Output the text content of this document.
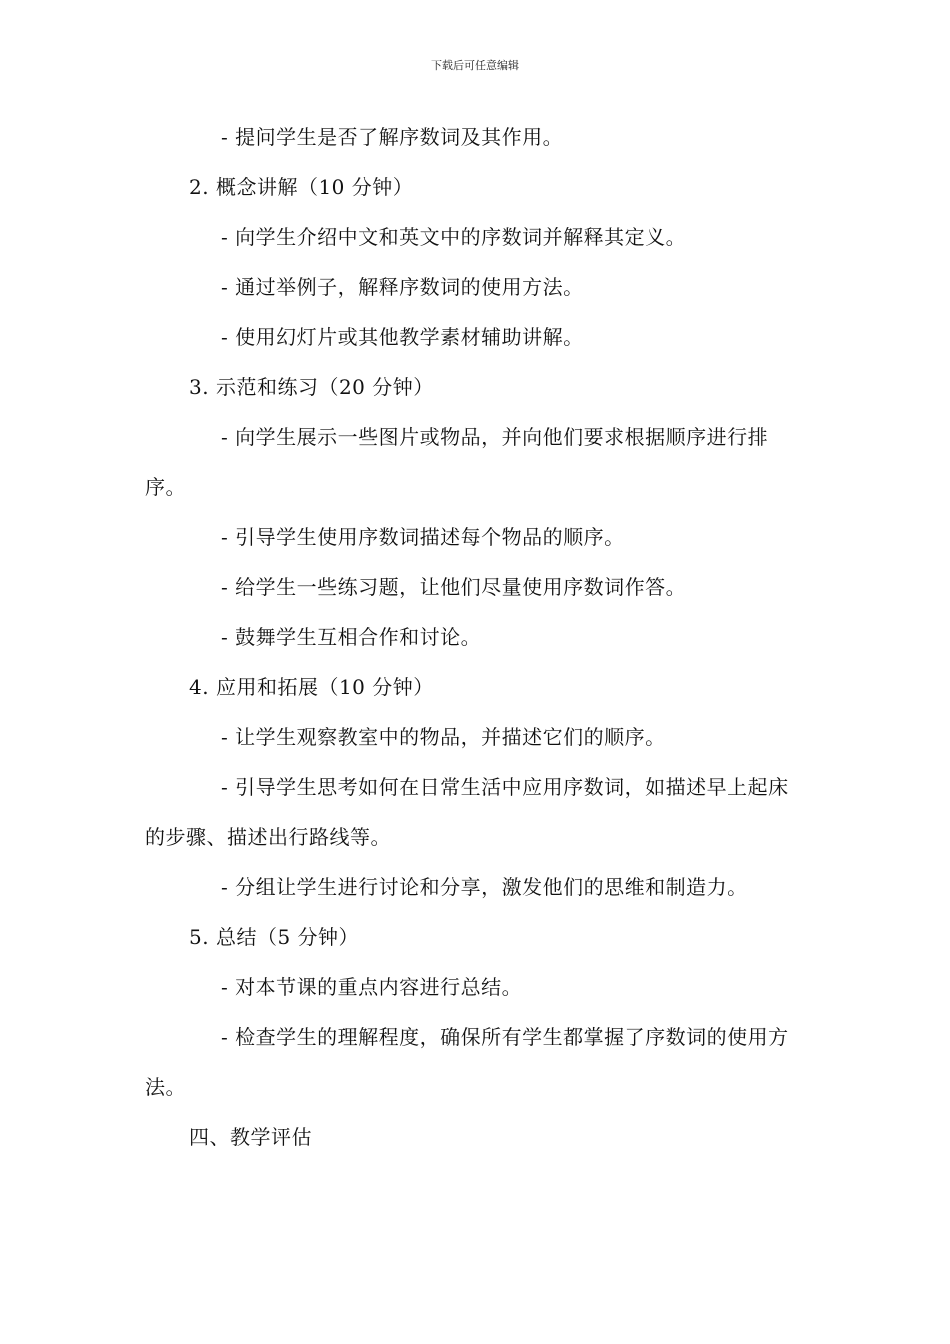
下载后可任意编辑

- 提问学生是否了解序数词及其作用。

2. 概念讲解（10 分钟）

- 向学生介绍中文和英文中的序数词并解释其定义。

- 通过举例子，解释序数词的使用方法。

- 使用幻灯片或其他教学素材辅助讲解。

3. 示范和练习（20 分钟）

- 向学生展示一些图片或物品，并向他们要求根据顺序进行排序。

- 引导学生使用序数词描述每个物品的顺序。

- 给学生一些练习题，让他们尽量使用序数词作答。

- 鼓舞学生互相合作和讨论。

4. 应用和拓展（10 分钟）

- 让学生观察教室中的物品，并描述它们的顺序。

- 引导学生思考如何在日常生活中应用序数词，如描述早上起床的步骤、描述出行路线等。

- 分组让学生进行讨论和分享，激发他们的思维和制造力。

5. 总结（5 分钟）

- 对本节课的重点内容进行总结。

- 检查学生的理解程度，确保所有学生都掌握了序数词的使用方法。

四、教学评估
